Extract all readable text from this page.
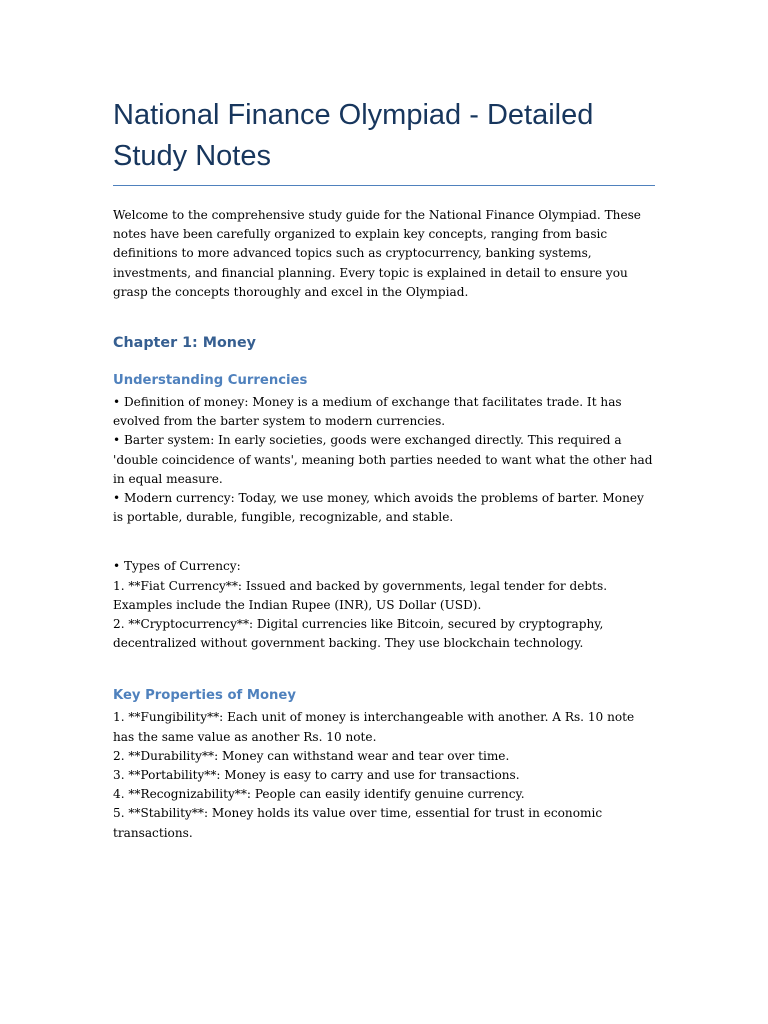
National Finance Olympiad - Detailed Study Notes

Welcome to the comprehensive study guide for the National Finance Olympiad. These notes have been carefully organized to explain key concepts, ranging from basic definitions to more advanced topics such as cryptocurrency, banking systems, investments, and financial planning. Every topic is explained in detail to ensure you grasp the concepts thoroughly and excel in the Olympiad.

Chapter 1: Money
Understanding Currencies
• Definition of money: Money is a medium of exchange that facilitates trade. It has evolved from the barter system to modern currencies.
• Barter system: In early societies, goods were exchanged directly. This required a 'double coincidence of wants', meaning both parties needed to want what the other had in equal measure.
• Modern currency: Today, we use money, which avoids the problems of barter. Money is portable, durable, fungible, recognizable, and stable.
• Types of Currency:
1. **Fiat Currency**: Issued and backed by governments, legal tender for debts. Examples include the Indian Rupee (INR), US Dollar (USD).
2. **Cryptocurrency**: Digital currencies like Bitcoin, secured by cryptography, decentralized without government backing. They use blockchain technology.
Key Properties of Money
1. **Fungibility**: Each unit of money is interchangeable with another. A Rs. 10 note has the same value as another Rs. 10 note.
2. **Durability**: Money can withstand wear and tear over time.
3. **Portability**: Money is easy to carry and use for transactions.
4. **Recognizability**: People can easily identify genuine currency.
5. **Stability**: Money holds its value over time, essential for trust in economic transactions.
